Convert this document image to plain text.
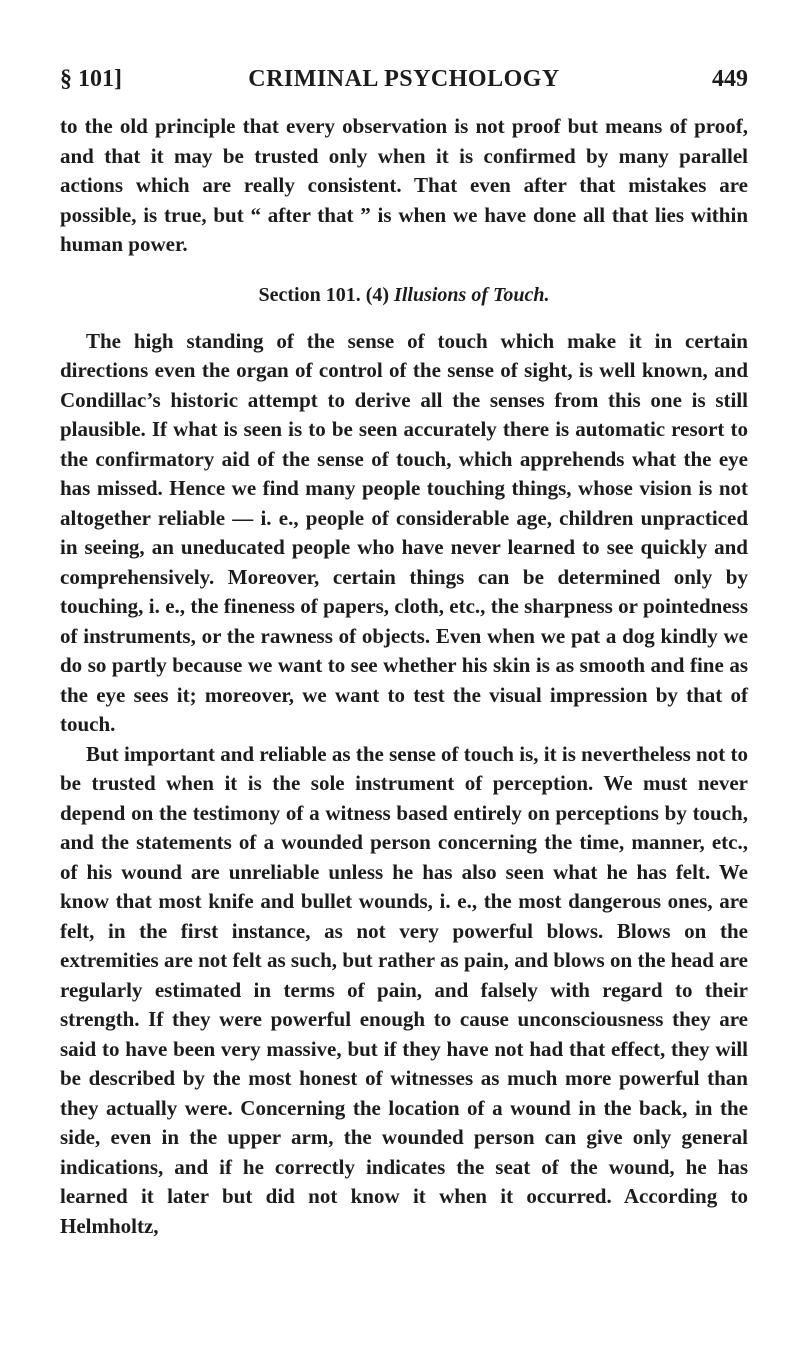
§ 101]	CRIMINAL PSYCHOLOGY	449

to the old principle that every observation is not proof but means of proof, and that it may be trusted only when it is confirmed by many parallel actions which are really consistent. That even after that mistakes are possible, is true, but “ after that ” is when we have done all that lies within human power.

Section 101. (4) Illusions of Touch.

The high standing of the sense of touch which make it in certain directions even the organ of control of the sense of sight, is well known, and Condillac’s historic attempt to derive all the senses from this one is still plausible. If what is seen is to be seen accurately there is automatic resort to the confirmatory aid of the sense of touch, which apprehends what the eye has missed. Hence we find many people touching things, whose vision is not altogether reliable — i. e., people of considerable age, children unpracticed in seeing, an uneducated people who have never learned to see quickly and comprehensively. Moreover, certain things can be determined only by touching, i. e., the fineness of papers, cloth, etc., the sharpness or pointedness of instruments, or the rawness of objects. Even when we pat a dog kindly we do so partly because we want to see whether his skin is as smooth and fine as the eye sees it; moreover, we want to test the visual impression by that of touch.

But important and reliable as the sense of touch is, it is nevertheless not to be trusted when it is the sole instrument of perception. We must never depend on the testimony of a witness based entirely on perceptions by touch, and the statements of a wounded person concerning the time, manner, etc., of his wound are unreliable unless he has also seen what he has felt. We know that most knife and bullet wounds, i. e., the most dangerous ones, are felt, in the first instance, as not very powerful blows. Blows on the extremities are not felt as such, but rather as pain, and blows on the head are regularly estimated in terms of pain, and falsely with regard to their strength. If they were powerful enough to cause unconsciousness they are said to have been very massive, but if they have not had that effect, they will be described by the most honest of witnesses as much more powerful than they actually were. Concerning the location of a wound in the back, in the side, even in the upper arm, the wounded person can give only general indications, and if he correctly indicates the seat of the wound, he has learned it later but did not know it when it occurred. According to Helmholtz,
